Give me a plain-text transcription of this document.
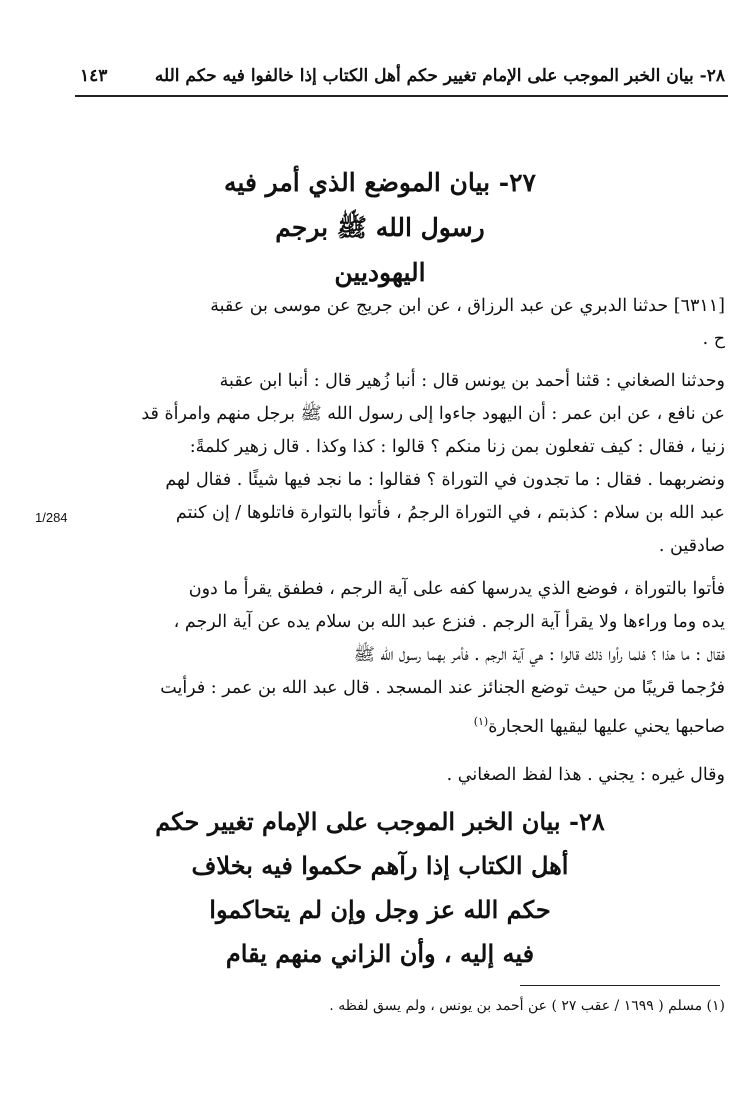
٢٨- بيان الخبر الموجب على الإمام تغيير حكم أهل الكتاب إذا خالفوا فيه حكم الله
١٤٣
٢٧- بيان الموضع الذي أمر فيه
رسول الله ﷺ برجم
اليهوديين
[٦٣١١] حدثنا الدبري عن عبد الرزاق ، عن ابن جريج عن موسى بن عقبة
ح .
وحدثنا الصغاني : قثنا أحمد بن يونس قال : أنبا زُهير قال : أنبا ابن عقبة
عن نافع ، عن ابن عمر : أن اليهود جاءوا إلى رسول الله ﷺ برجل منهم وامرأة قد
زنيا ، فقال : كيف تفعلون بمن زنا منكم ؟ قالوا : كذا وكذا . قال زهير كلمةً:
ونضربهما . فقال : ما تجدون في التوراة ؟ فقالوا : ما نجد فيها شيئًا . فقال لهم
عبد الله بن سلام : كذبتم ، في التوراة الرجمُ ، فأتوا بالتوارة فاتلوها / إن كنتم
صادقين .
1/284
فأتوا بالتوراة ، فوضع الذي يدرسها كفه على آية الرجم ، فطفق يقرأ ما دون
يده وما وراءها ولا يقرأ آية الرجم . فنزع عبد الله بن سلام يده عن آية الرجم ،
فقال : ما هذا ؟ فلما رأوا ذلك قالوا : هي آية الرجم . فأمر بهما رسول الله ﷺ
فرُجما قريبًا من حيث توضع الجنائز عند المسجد . قال عبد الله بن عمر : فرأيت
صاحبها يحني عليها ليقيها الحجارة$^{(١)}$
وقال غيره : يجني . هذا لفظ الصغاني .
٢٨- بيان الخبر الموجب على الإمام تغيير حكم
أهل الكتاب إذا رآهم حكموا فيه بخلاف
حكم الله عز وجل وإن لم يتحاكموا
فيه إليه ، وأن الزاني منهم يقام
(١) مسلم ( ١٦٩٩ / عقب ٢٧ ) عن أحمد بن يونس ، ولم يسق لفظه .
